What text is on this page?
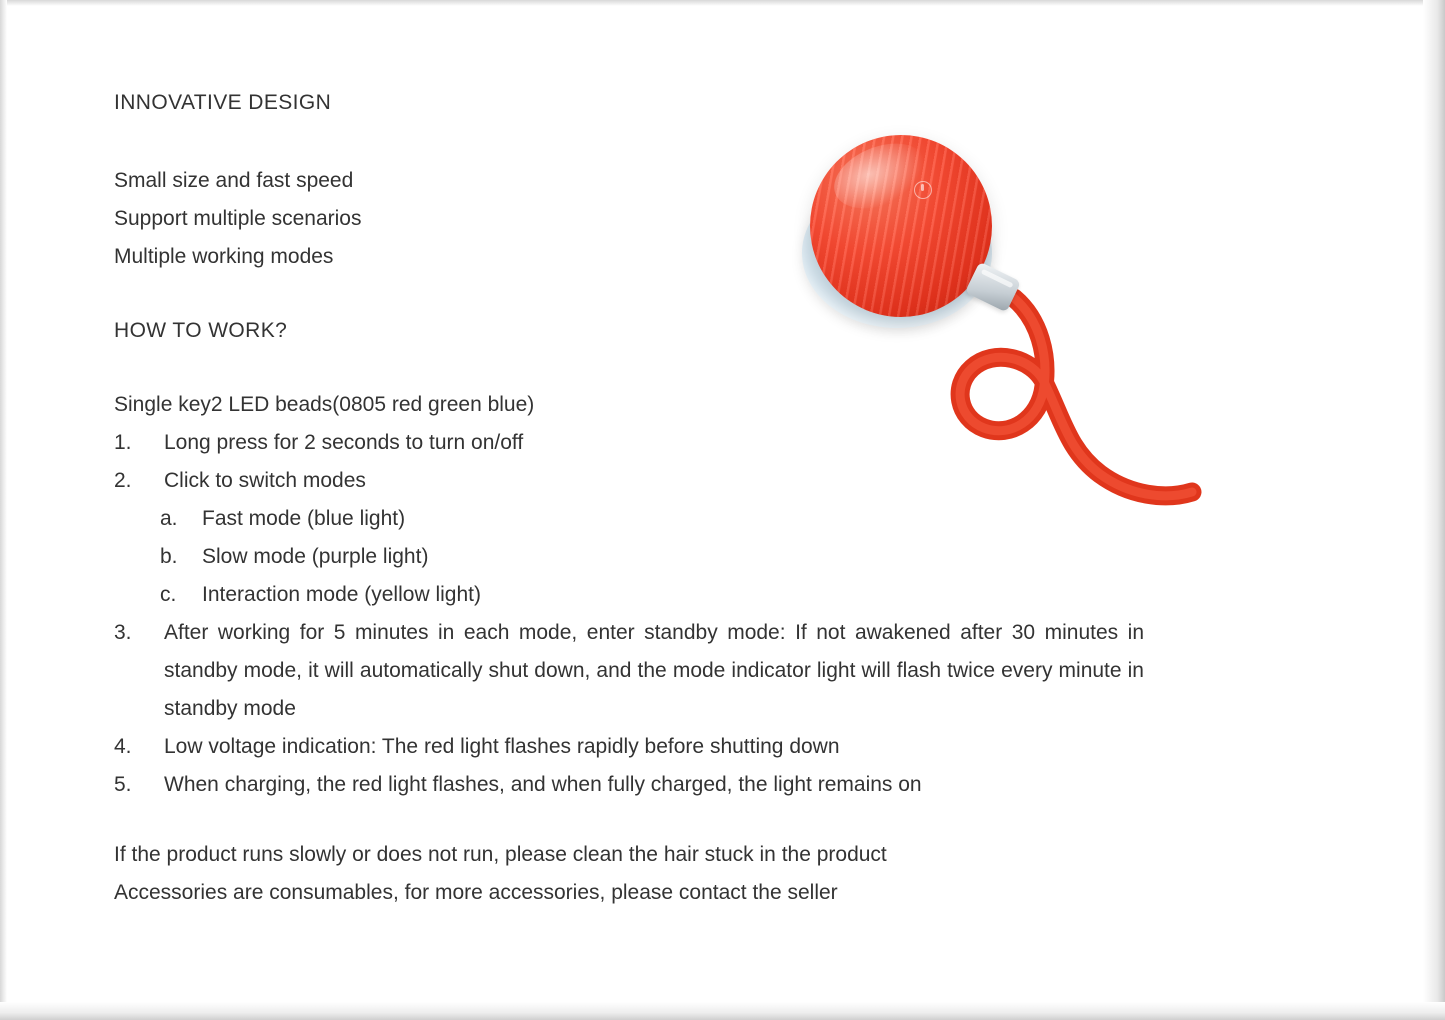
INNOVATIVE DESIGN
Small size and fast speed
Support multiple scenarios
Multiple working modes
HOW TO WORK?
Single key2 LED beads(0805 red green blue)
1.	Long press for 2 seconds to turn on/off
2.	Click to switch modes
a.	Fast mode (blue light)
b.	Slow mode (purple light)
c.	Interaction mode (yellow light)
3.	After working for 5 minutes in each mode, enter standby mode: If not awakened after 30 minutes in standby mode, it will automatically shut down, and the mode indicator light will flash twice every minute in standby mode
4.	Low voltage indication: The red light flashes rapidly before shutting down
5.	When charging, the red light flashes, and when fully charged, the light remains on
If the product runs slowly or does not run, please clean the hair stuck in the product
Accessories are consumables, for more accessories, please contact the seller
